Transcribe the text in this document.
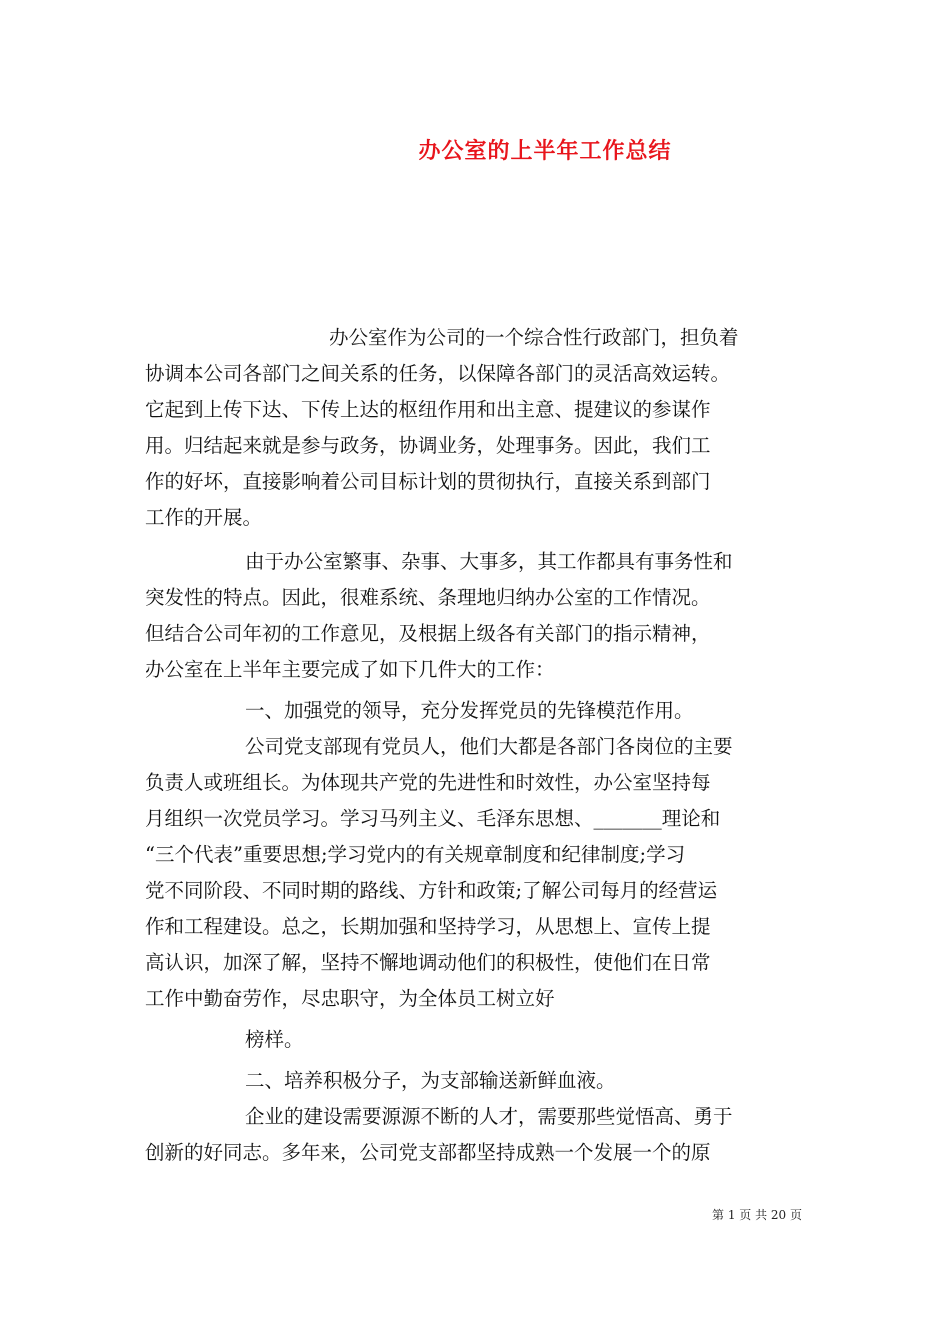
办公室的上半年工作总结
办公室作为公司的一个综合性行政部门，担负着
协调本公司各部门之间关系的任务，以保障各部门的灵活高效运转。
它起到上传下达、下传上达的枢纽作用和出主意、提建议的参谋作
用。归结起来就是参与政务，协调业务，处理事务。因此，我们工
作的好坏，直接影响着公司目标计划的贯彻执行，直接关系到部门
工作的开展。
由于办公室繁事、杂事、大事多，其工作都具有事务性和
突发性的特点。因此，很难系统、条理地归纳办公室的工作情况。
但结合公司年初的工作意见，及根据上级各有关部门的指示精神，
办公室在上半年主要完成了如下几件大的工作：
一、加强党的领导，充分发挥党员的先锋模范作用。
公司党支部现有党员人，他们大都是各部门各岗位的主要
负责人或班组长。为体现共产党的先进性和时效性，办公室坚持每
月组织一次党员学习。学习马列主义、毛泽东思想、_______理论和
“三个代表”重要思想;学习党内的有关规章制度和纪律制度;学习
党不同阶段、不同时期的路线、方针和政策;了解公司每月的经营运
作和工程建设。总之，长期加强和坚持学习，从思想上、宣传上提
高认识，加深了解，坚持不懈地调动他们的积极性，使他们在日常
工作中勤奋劳作，尽忠职守，为全体员工树立好
榜样。
二、培养积极分子，为支部输送新鲜血液。
企业的建设需要源源不断的人才，需要那些觉悟高、勇于
创新的好同志。多年来，公司党支部都坚持成熟一个发展一个的原
第 1 页 共 20 页
